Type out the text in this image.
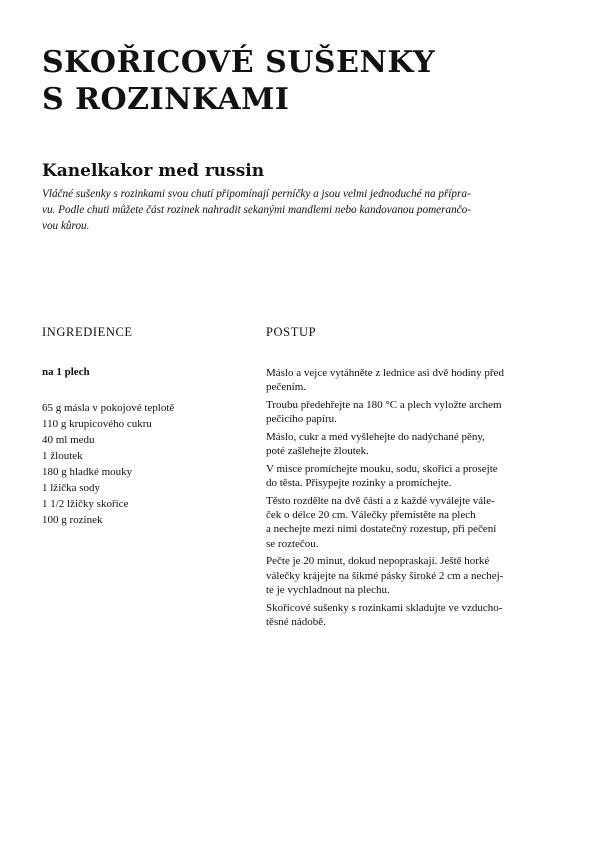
SKOŘICOVÉ SUŠENKY
S ROZINKAMI
Kanelkakor med russin

Vláčné sušenky s rozinkami svou chutí připomínají perníčky a jsou velmi jednoduché na příprа-
vu. Podle chuti můžete část rozinek nahradit sekanými mandlemi nebo kandovanou pomerančo-
vou kůrou.

INGREDIENCE	POSTUP

na 1 plech

65 g másla v pokojové teplotě
110 g krupicového cukru
40 ml medu
1 žloutek
180 g hladké mouky
1 lžička sody
1 1/2 lžičky skořice
100 g rozinek

Máslo a vejce vytáhněte z lednice asi dvě hodiny před
pečením.

Troubu předehřejte na 180 °C a plech vyložte archem
pečicího papíru.

Máslo, cukr a med vyšlehejte do nadýchané pěny,
poté zašlehejte žloutek.

V misce promíchejte mouku, sodu, skořici a proseјte
do těsta. Přisypejte rozinky a promíchejte.

Těsto rozdělte na dvě části a z každé vyválejte vále-
ček o délce 20 cm. Válečky přemístěte na plech
a nechejte mezi nimi dostatečný rozestup, při pečení
se roztečou.

Pečte je 20 minut, dokud nepopraskají. Ještě horké
válečky krájejte na šikmé pásky široké 2 cm a nechej-
te je vychladnout na plechu.

Skořicové sušenky s rozinkami skladujte ve vzducho-
těsné nádobě.
